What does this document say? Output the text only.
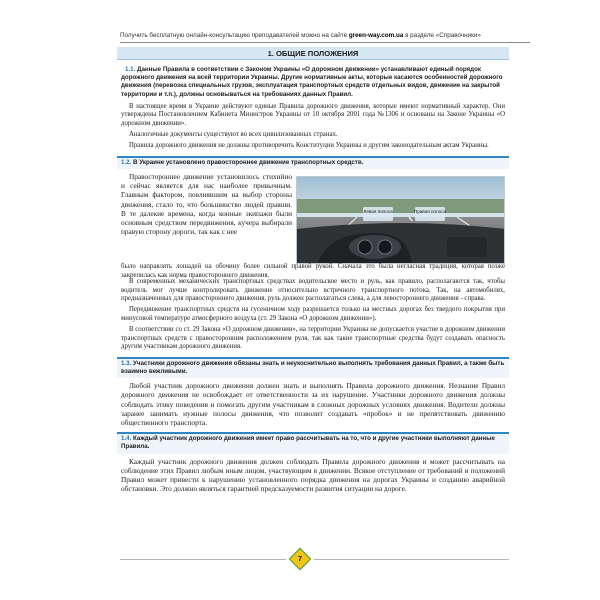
Получить бесплатную онлайн-консультацию преподавателей можно на сайте green-way.com.ua в разделе «Справочники»
1. ОБЩИЕ ПОЛОЖЕНИЯ
1.1. Данные Правила в соответствии с Законом Украины «О дорожном движении» устанавливают единый порядок дорожного движения на всей территории Украины. Другие нормативные акты, которые касаются особенностей дорожного движения (перевозка специальных грузов, эксплуатация транспортных средств отдельных видов, движение на закрытой территории и т.п.), должны основываться на требованиях данных Правил.

В настоящее время в Украине действуют единые Правила дорожного движения, которые имеют нормативный характер. Они утверждены Постановлением Кабинета Министров Украины от 10 октября 2001 года №1306 и основаны на Законе Украины «О дорожном движении».

Аналогичные документы существуют во всех цивилизованных странах.

Правила дорожного движения не должны противоречить Конституции Украины и другим законодательным актам Украины.

1.2. В Украине установлено правостороннее движение транспортных средств.

Правостороннее движение установилось стихийно и сейчас является для нас наиболее привычным. Главным фактором, повлиявшим на выбор стороны движения, стало то, что большинство людей правши. В те далекие времена, когда конные экипажи были основным средством передвижения, кучера выбирали правую сторону дороги, так как с нее

Левая полоса	Правая полоса

было направлять лошадей на обочину более сильной правой рукой. Сначала это была негласная традиция, которая позже закрепилась как норма правостороннего движения.

В современных механических транспортных средствах водительское место и руль, как правило, располагаются так, чтобы водитель мог лучше контролировать движение относительно встречного транспортного потока. Так, на автомобилях, предназначенных для правостороннего движения, руль должен располагаться слева, а для левостороннего движения - справа.

Передвижение транспортных средств на гусеничном ходу разрешается только на местных дорогах без твердого покрытия при минусовой температуре атмосферного воздуха (ст. 29 Закона «О дорожном движении»).

В соответствии со ст. 29 Закона «О дорожном движении», на территории Украины не допускается участие в дорожном движении транспортных средств с правосторонним расположением руля, так как такие транспортные средства будут создавать опасность другим участникам дорожного движения.

1.3. Участники дорожного движения обязаны знать и неукоснительно выполнять требования данных Правил, а также быть взаимно вежливыми.

Любой участник дорожного движения должен знать и выполнять Правила дорожного движения. Незнание Правил дорожного движения не освобождает от ответственности за их нарушение. Участники дорожного движения должны соблюдать этику поведения и помогать другим участникам в сложных дорожных условиях движения. Водители должны заранее занимать нужные полосы движения, что позволит создавать «пробок» и не препятствовать движению общественного транспорта.

1.4. Каждый участник дорожного движения имеет право рассчитывать на то, что и другие участники выполняют данные Правила.

Каждый участник дорожного движения должен соблюдать Правила дорожного движения и может рассчитывать на соблюдение этих Правил любым иным лицом, участвующим в движении. Всякое отступление от требований и положений Правил может привести к нарушению установленного порядка движения на дорогах Украины и созданию аварийной обстановки. Это должно являться гарантией предсказуемости развития ситуации на дороге.

7
